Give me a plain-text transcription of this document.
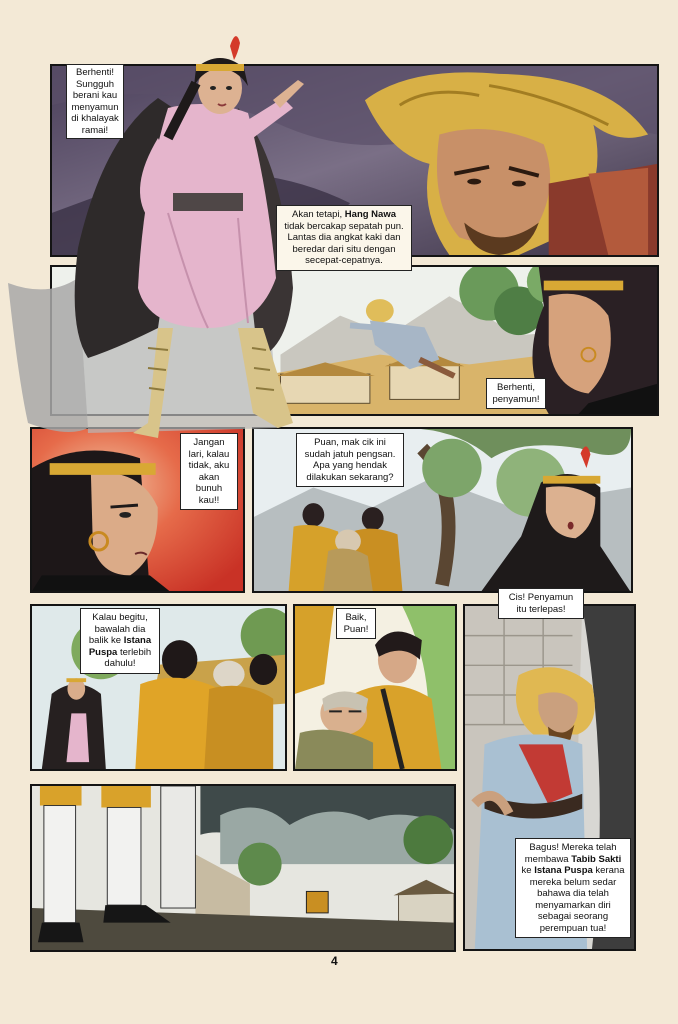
Berhenti! Sungguh berani kau menyamun di khalayak ramai!
Akan tetapi, Hang Nawa tidak bercakap sepatah pun. Lantas dia angkat kaki dan beredar dari situ dengan secepat-cepatnya.
Berhenti, penyamun!
Jangan lari, kalau tidak, aku akan bunuh kau!!
Puan, mak cik ini sudah jatuh pengsan. Apa yang hendak dilakukan sekarang?
Kalau begitu, bawalah dia balik ke Istana Puspa terlebih dahulu!
Baik, Puan!
Cis! Penyamun itu terlepas!
Bagus! Mereka telah membawa Tabib Sakti ke Istana Puspa kerana mereka belum sedar bahawa dia telah menyamarkan diri sebagai seorang perempuan tua!
4
